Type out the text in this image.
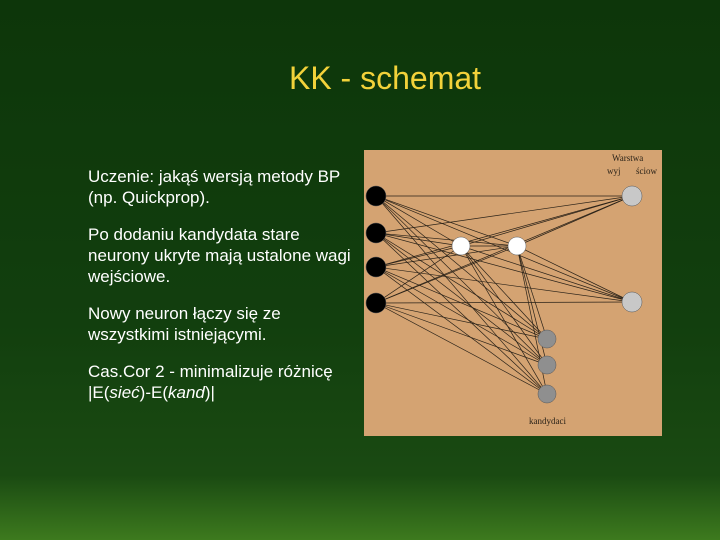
KK - schemat

Uczenie: jakąś wersją metody BP (np. Quickprop).

Po dodaniu kandydata stare neurony ukryte mają ustalone wagi wejściowe.

Nowy neuron łączy się ze wszystkimi istniejącymi.

Cas.Cor 2 - minimalizuje różnicę |E(sieć)-E(kand)|

Warstwa
wyj ściow
kandydaci
